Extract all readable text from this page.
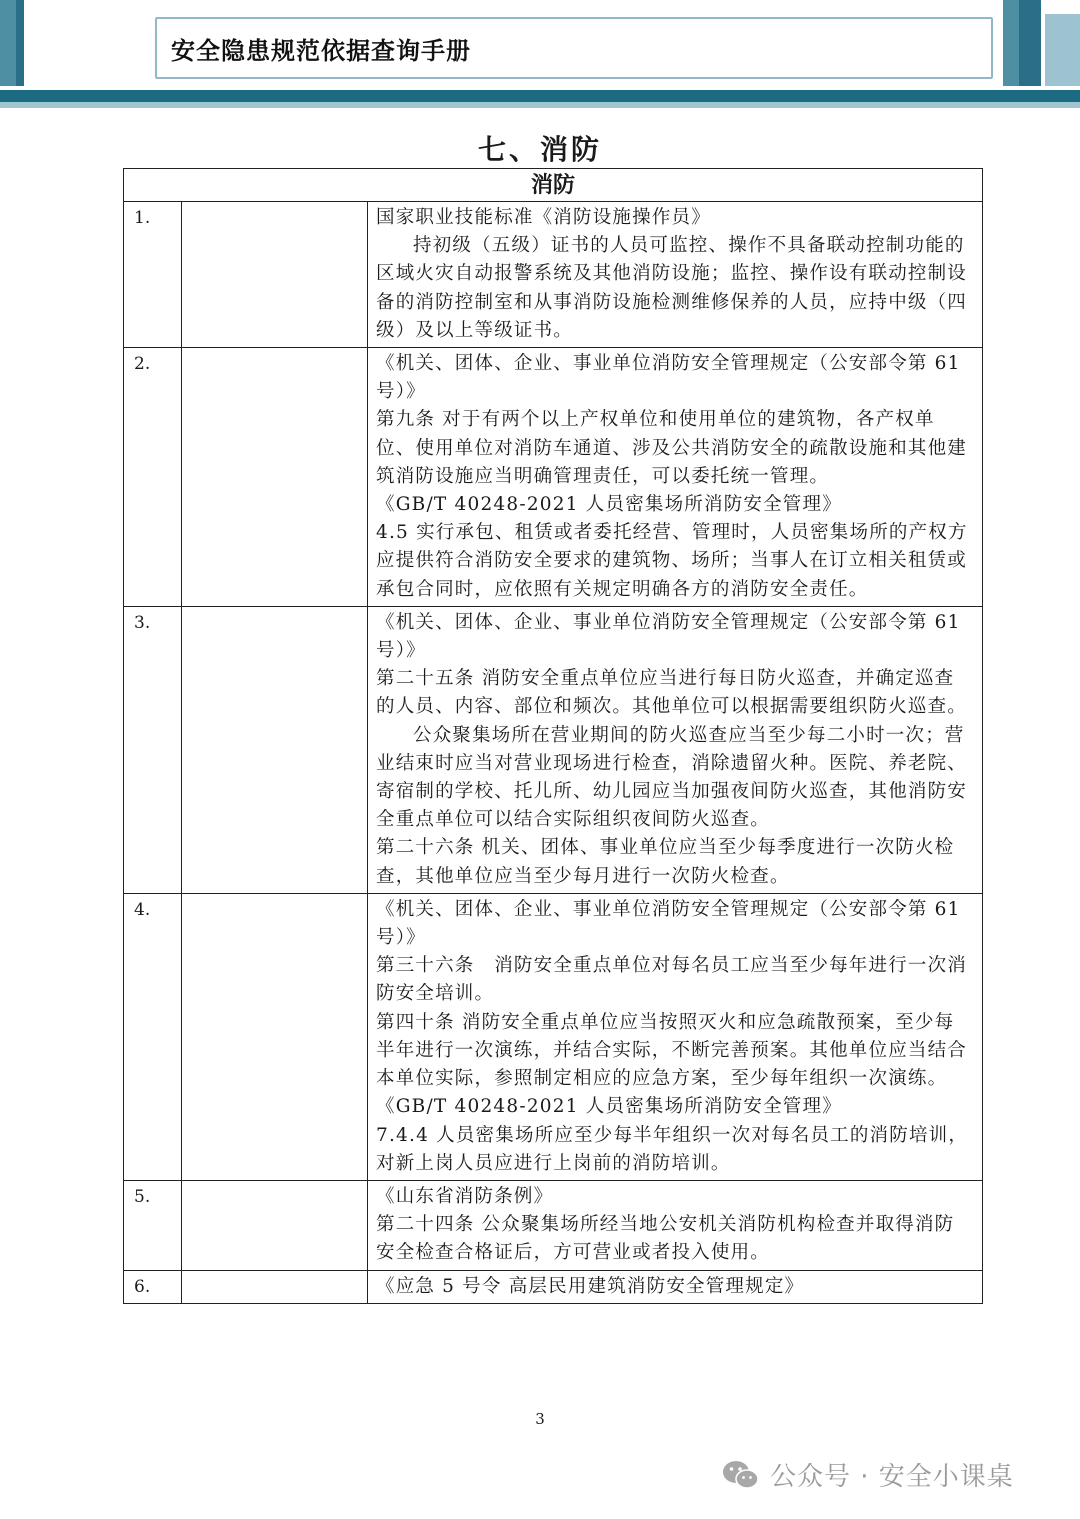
安全隐患规范依据查询手册
七、消防
消防		
1.		国家职业技能标准《消防设施操作员》

持初级（五级）证书的人员可监控、操作不具备联动控制功能的区域火灾自动报警系统及其他消防设施；监控、操作设有联动控制设备的消防控制室和从事消防设施检测维修保养的人员，应持中级（四级）及以上等级证书。

2.		《机关、团体、企业、事业单位消防安全管理规定（公安部令第 61 号）》

第九条 对于有两个以上产权单位和使用单位的建筑物，各产权单位、使用单位对消防车通道、涉及公共消防安全的疏散设施和其他建筑消防设施应当明确管理责任，可以委托统一管理。

《GB/T 40248-2021 人员密集场所消防安全管理》

4.5 实行承包、租赁或者委托经营、管理时，人员密集场所的产权方应提供符合消防安全要求的建筑物、场所；当事人在订立相关租赁或承包合同时，应依照有关规定明确各方的消防安全责任。

3.		《机关、团体、企业、事业单位消防安全管理规定（公安部令第 61 号）》

第二十五条 消防安全重点单位应当进行每日防火巡查，并确定巡查的人员、内容、部位和频次。其他单位可以根据需要组织防火巡查。

公众聚集场所在营业期间的防火巡查应当至少每二小时一次；营业结束时应当对营业现场进行检查，消除遗留火种。医院、养老院、寄宿制的学校、托儿所、幼儿园应当加强夜间防火巡查，其他消防安全重点单位可以结合实际组织夜间防火巡查。

第二十六条 机关、团体、事业单位应当至少每季度进行一次防火检查，其他单位应当至少每月进行一次防火检查。

4.		《机关、团体、企业、事业单位消防安全管理规定（公安部令第 61 号）》

第三十六条　消防安全重点单位对每名员工应当至少每年进行一次消防安全培训。

第四十条 消防安全重点单位应当按照灭火和应急疏散预案，至少每半年进行一次演练，并结合实际，不断完善预案。其他单位应当结合本单位实际，参照制定相应的应急方案，至少每年组织一次演练。

《GB/T 40248-2021 人员密集场所消防安全管理》

7.4.4 人员密集场所应至少每半年组织一次对每名员工的消防培训，对新上岗人员应进行上岗前的消防培训。

5.		《山东省消防条例》

第二十四条 公众聚集场所经当地公安机关消防机构检查并取得消防安全检查合格证后，方可营业或者投入使用。

6.		《应急 5 号令 高层民用建筑消防安全管理规定》

3
公众号 · 安全小课桌
